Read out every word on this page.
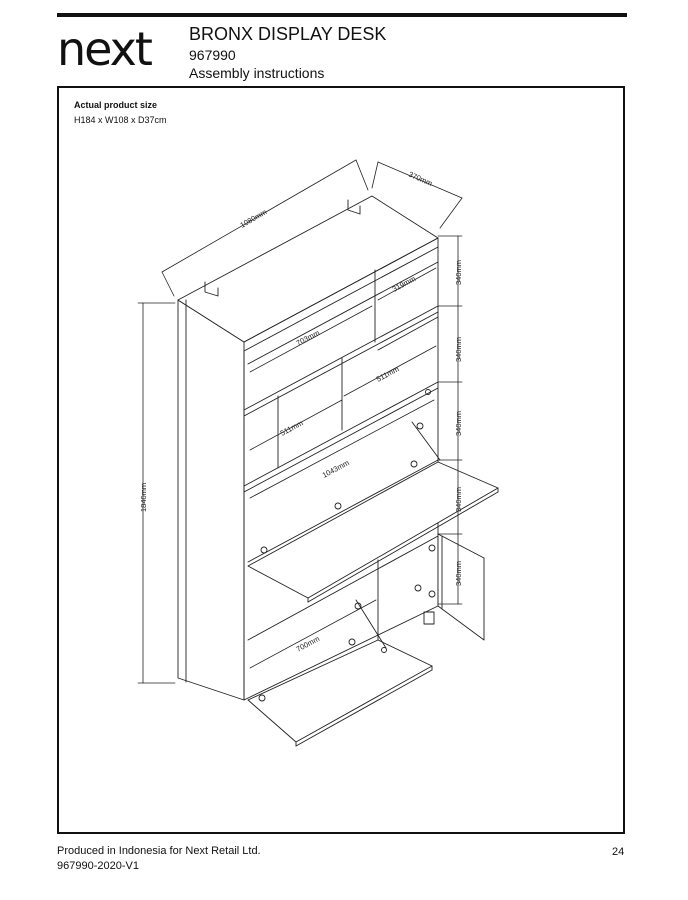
next BRONX DISPLAY DESK
967990
Assembly instructions
Actual product size
H184 x W108 x D37cm
1080mm
370mm
1840mm
319mm
703mm
511mm
511mm
1043mm
700mm
340mm
340mm
340mm
340mm
340mm
Produced in Indonesia for Next Retail Ltd.
967990-2020-V1
24
